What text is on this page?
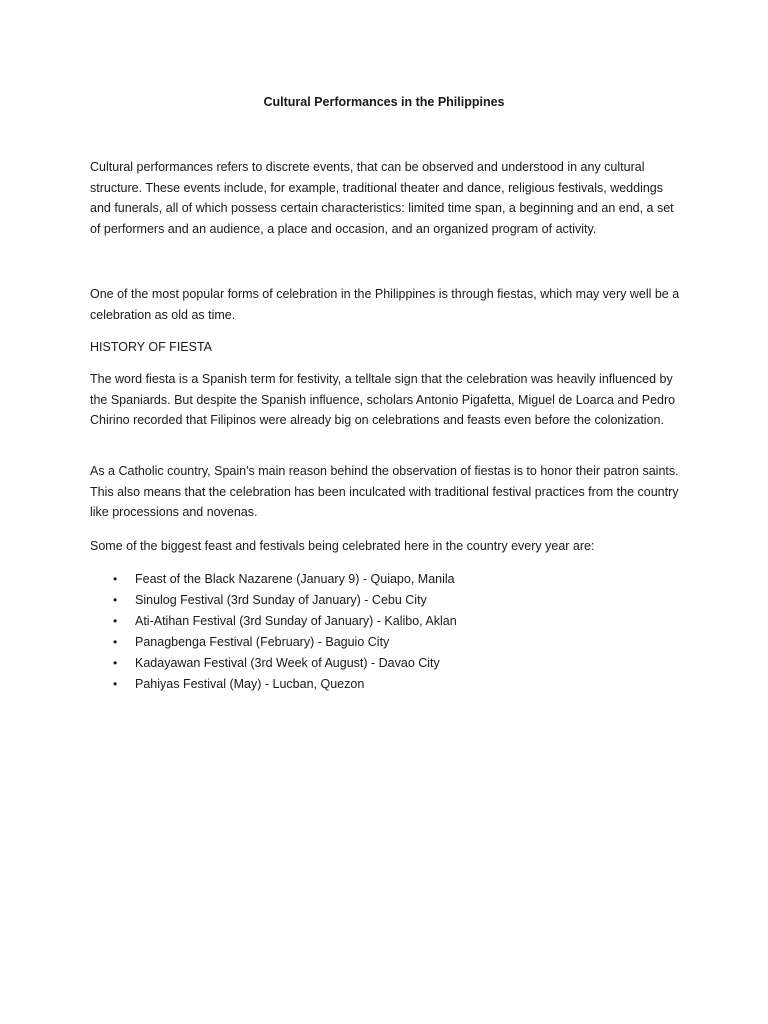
Cultural Performances in the Philippines
Cultural performances refers to discrete events, that can be observed and understood in any cultural structure. These events include, for example, traditional theater and dance, religious festivals, weddings and funerals, all of which possess certain characteristics: limited time span, a beginning and an end, a set of performers and an audience, a place and occasion, and an organized program of activity.
One of the most popular forms of celebration in the Philippines is through fiestas, which may very well be a celebration as old as time.
HISTORY OF FIESTA
The word fiesta is a Spanish term for festivity, a telltale sign that the celebration was heavily influenced by the Spaniards. But despite the Spanish influence, scholars Antonio Pigafetta, Miguel de Loarca and Pedro Chirino recorded that Filipinos were already big on celebrations and feasts even before the colonization.
As a Catholic country, Spain's main reason behind the observation of fiestas is to honor their patron saints. This also means that the celebration has been inculcated with traditional festival practices from the country like processions and novenas.
Some of the biggest feast and festivals being celebrated here in the country every year are:
• Feast of the Black Nazarene (January 9) - Quiapo, Manila
• Sinulog Festival (3rd Sunday of January) - Cebu City
• Ati-Atihan Festival (3rd Sunday of January) - Kalibo, Aklan
• Panagbenga Festival (February) - Baguio City
• Kadayawan Festival (3rd Week of August) - Davao City
• Pahiyas Festival (May) - Lucban, Quezon
